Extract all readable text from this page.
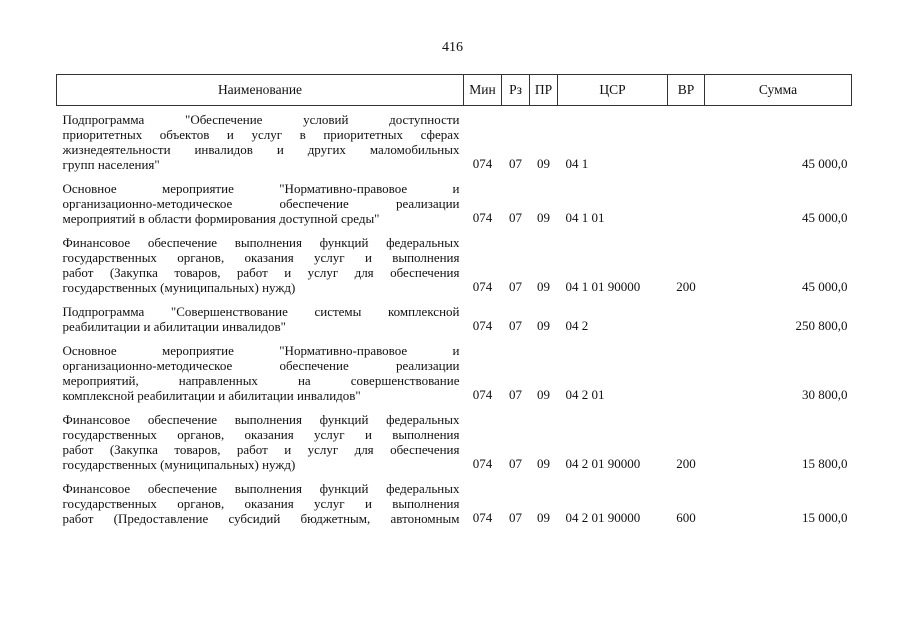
416
Наименование	Мин	Рз	ПР	ЦСР	ВР	Сумма

Подпрограмма "Обеспечение условий доступности
приоритетных объектов и услуг в приоритетных сферах
жизнедеятельности инвалидов и других маломобильных
групп населения"	074	07	09	04 1		45 000,0

Основное мероприятие "Нормативно-правовое и
организационно-методическое обеспечение реализации
мероприятий в области формирования доступной среды"	074	07	09	04 1 01		45 000,0

Финансовое обеспечение выполнения функций федеральных
государственных органов, оказания услуг и выполнения
работ (Закупка товаров, работ и услуг для обеспечения
государственных (муниципальных) нужд)	074	07	09	04 1 01 90000	200	45 000,0

Подпрограмма "Совершенствование системы комплексной
реабилитации и абилитации инвалидов"	074	07	09	04 2		250 800,0

Основное мероприятие "Нормативно-правовое и
организационно-методическое обеспечение реализации
мероприятий, направленных на совершенствование
комплексной реабилитации и абилитации инвалидов"	074	07	09	04 2 01		30 800,0

Финансовое обеспечение выполнения функций федеральных
государственных органов, оказания услуг и выполнения
работ (Закупка товаров, работ и услуг для обеспечения
государственных (муниципальных) нужд)	074	07	09	04 2 01 90000	200	15 800,0

Финансовое обеспечение выполнения функций федеральных
государственных органов, оказания услуг и выполнения
работ (Предоставление субсидий бюджетным, автономным	074	07	09	04 2 01 90000	600	15 000,0
